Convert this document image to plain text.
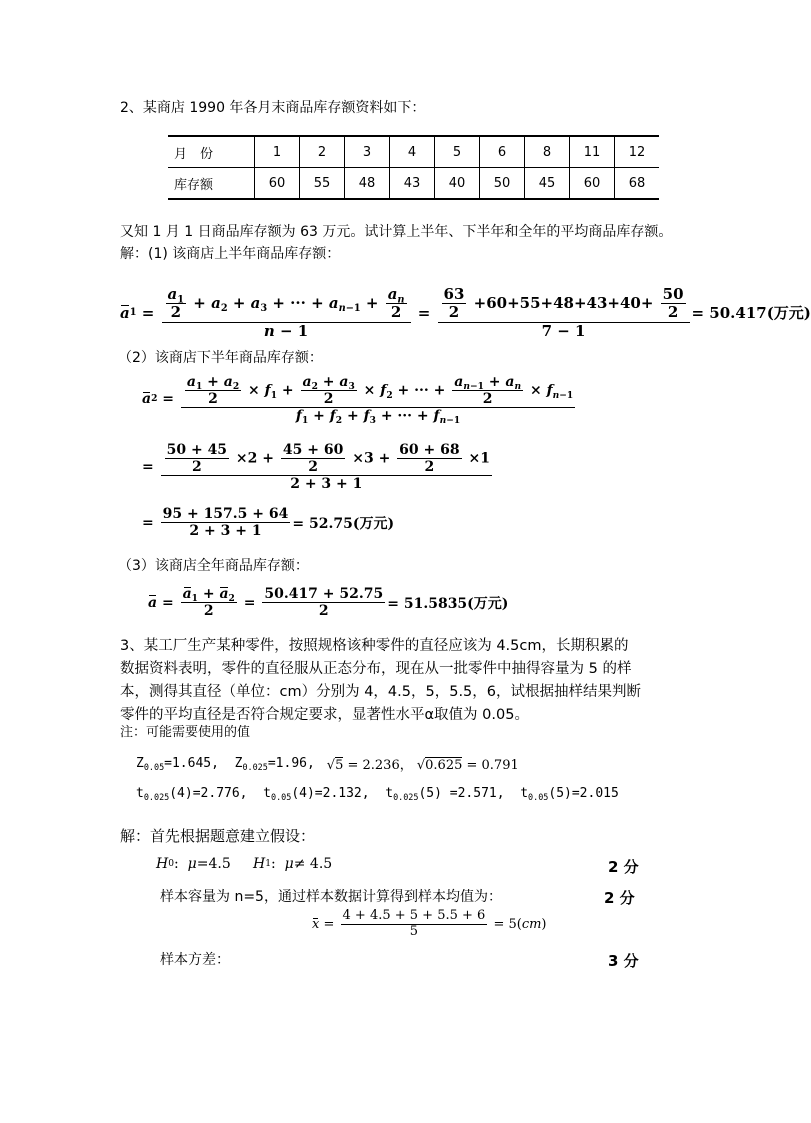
2、某商店 1990 年各月末商品库存额资料如下：
月　份	1	2	3	4	5	6	8	11	12
库存额	60	55	48	43	40	50	45	60	68
又知 1 月 1 日商品库存额为 63 万元。试计算上半年、下半年和全年的平均商品库存额。
解：(1) 该商店上半年商品库存额：
a $1 = \frac{\frac{a_1}{2} + a_2 + a_3 + \cdot\cdot\cdot + a_{n-1} + \frac{a_n}{2}}{n - 1} = \frac{\frac{63}{2} +60+55+48+43+40+ \frac{50}{2}}{7 - 1} = 50.417$(万元)
（2）该商店下半年商品库存额：
a $2 = \frac{a_1 + a_2}{2} \times f_1 + \frac{a_2 + a_3}{2} \times f_2$ + ··· + $\frac{a_{n-1} + a_n}{2} \times f_{n-1}$
$f_1 + f_2 + f_3$ + ··· + $f_{n-1}$
= $\frac{50 + 45}{2} \times 2 + \frac{45 + 60}{2} \times 3 + \frac{60 + 68}{2} \times 1$
2 + 3 + 1
= $\frac{95 + 157.5 + 64}{2 + 3 + 1} = 52.75$(万元)
（3）该商店全年商品库存额：
$a = \frac{a_1 + a_2}{2} = \frac{50.417 + 52.75}{2} = 51.5835$(万元)
3、某工厂生产某种零件，按照规格该种零件的直径应该为 4.5cm，长期积累的
数据资料表明，零件的直径服从正态分布，现在从一批零件中抽得容量为 5 的样
本，测得其直径（单位：cm）分别为 4，4.5，5，5.5，6，试根据抽样结果判断
零件的平均直径是否符合规定要求，显著性水平α取值为 0.05。
注：可能需要使用的值
$Z_{0.05}=1.645$,  $Z_{0.025}=1.96$, √5 = 2.236， √0.625 = 0.791
$t_{0.025}(4)=2.776$,  $t_{0.05}(4)=2.132$,  $t_{0.025}(5) =2.571$,  $t_{0.05}(5)=2.015$
解：首先根据题意建立假设：
H 0 : μ =4.5 H 1 : μ ≠ 4.5	2 分
样本容量为 n=5，通过样本数据计算得到样本均值为：	2 分
$x = \frac{4 + 4.5 + 5 + 5.5 + 6}{5} = 5(cm)$
样本方差：	3 分
